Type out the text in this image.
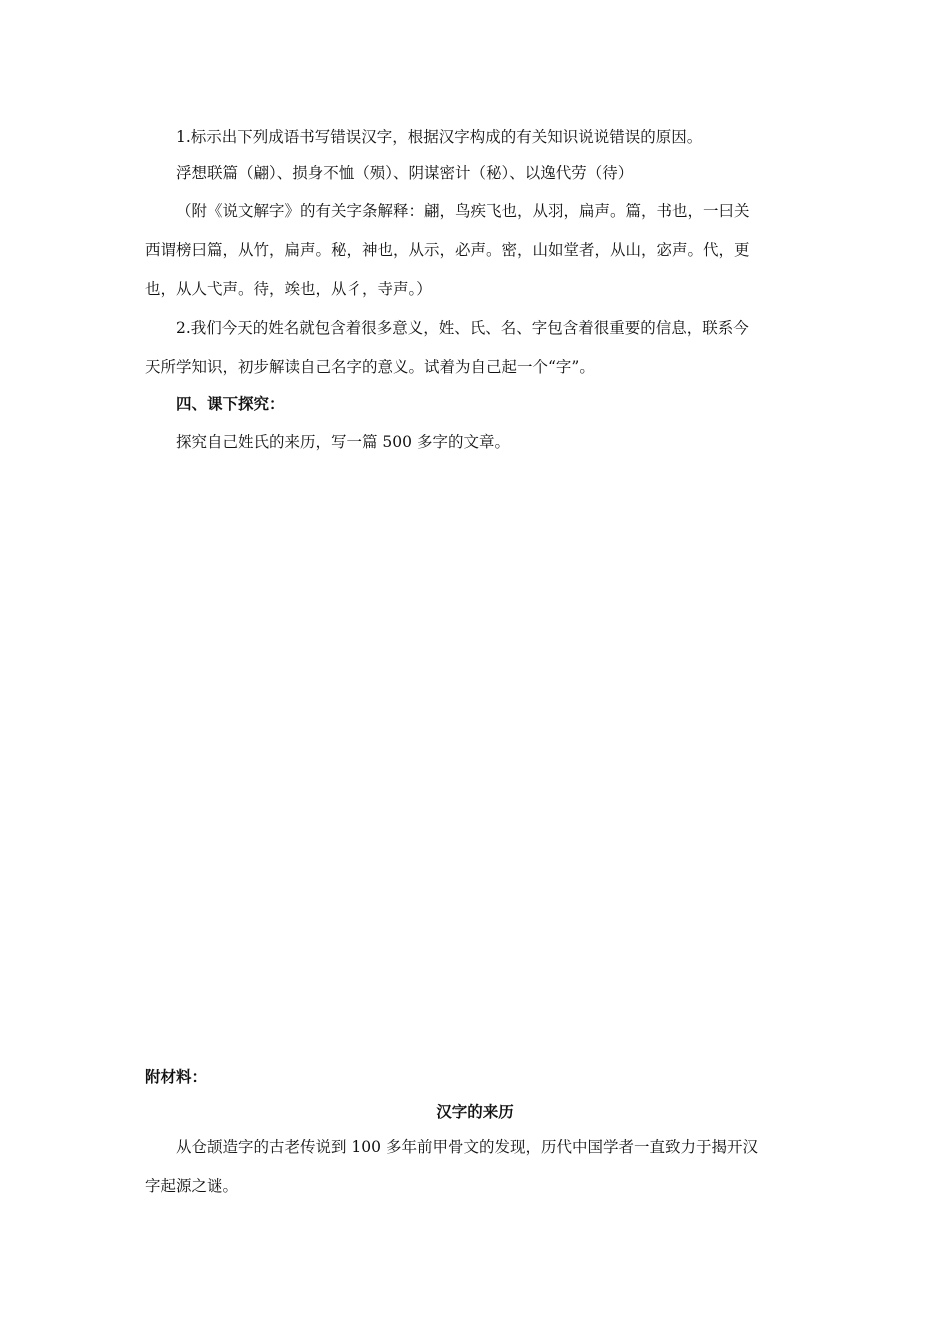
1.标示出下列成语书写错误汉字，根据汉字构成的有关知识说说错误的原因。
浮想联篇（翩）、损身不恤（殒）、阴谋密计（秘）、以逸代劳（待）
（附《说文解字》的有关字条解释：翩，鸟疾飞也，从羽，扁声。篇，书也，一曰关
西谓榜曰篇，从竹，扁声。秘，神也，从示，必声。密，山如堂者，从山，宓声。代，更
也，从人弋声。待，竢也，从彳，寺声。）
2.我们今天的姓名就包含着很多意义，姓、氏、名、字包含着很重要的信息，联系今
天所学知识，初步解读自己名字的意义。试着为自己起一个“字”。
四、课下探究：
探究自己姓氏的来历，写一篇 500 多字的文章。
附材料：
汉字的来历
从仓颉造字的古老传说到 100 多年前甲骨文的发现，历代中国学者一直致力于揭开汉
字起源之谜。
